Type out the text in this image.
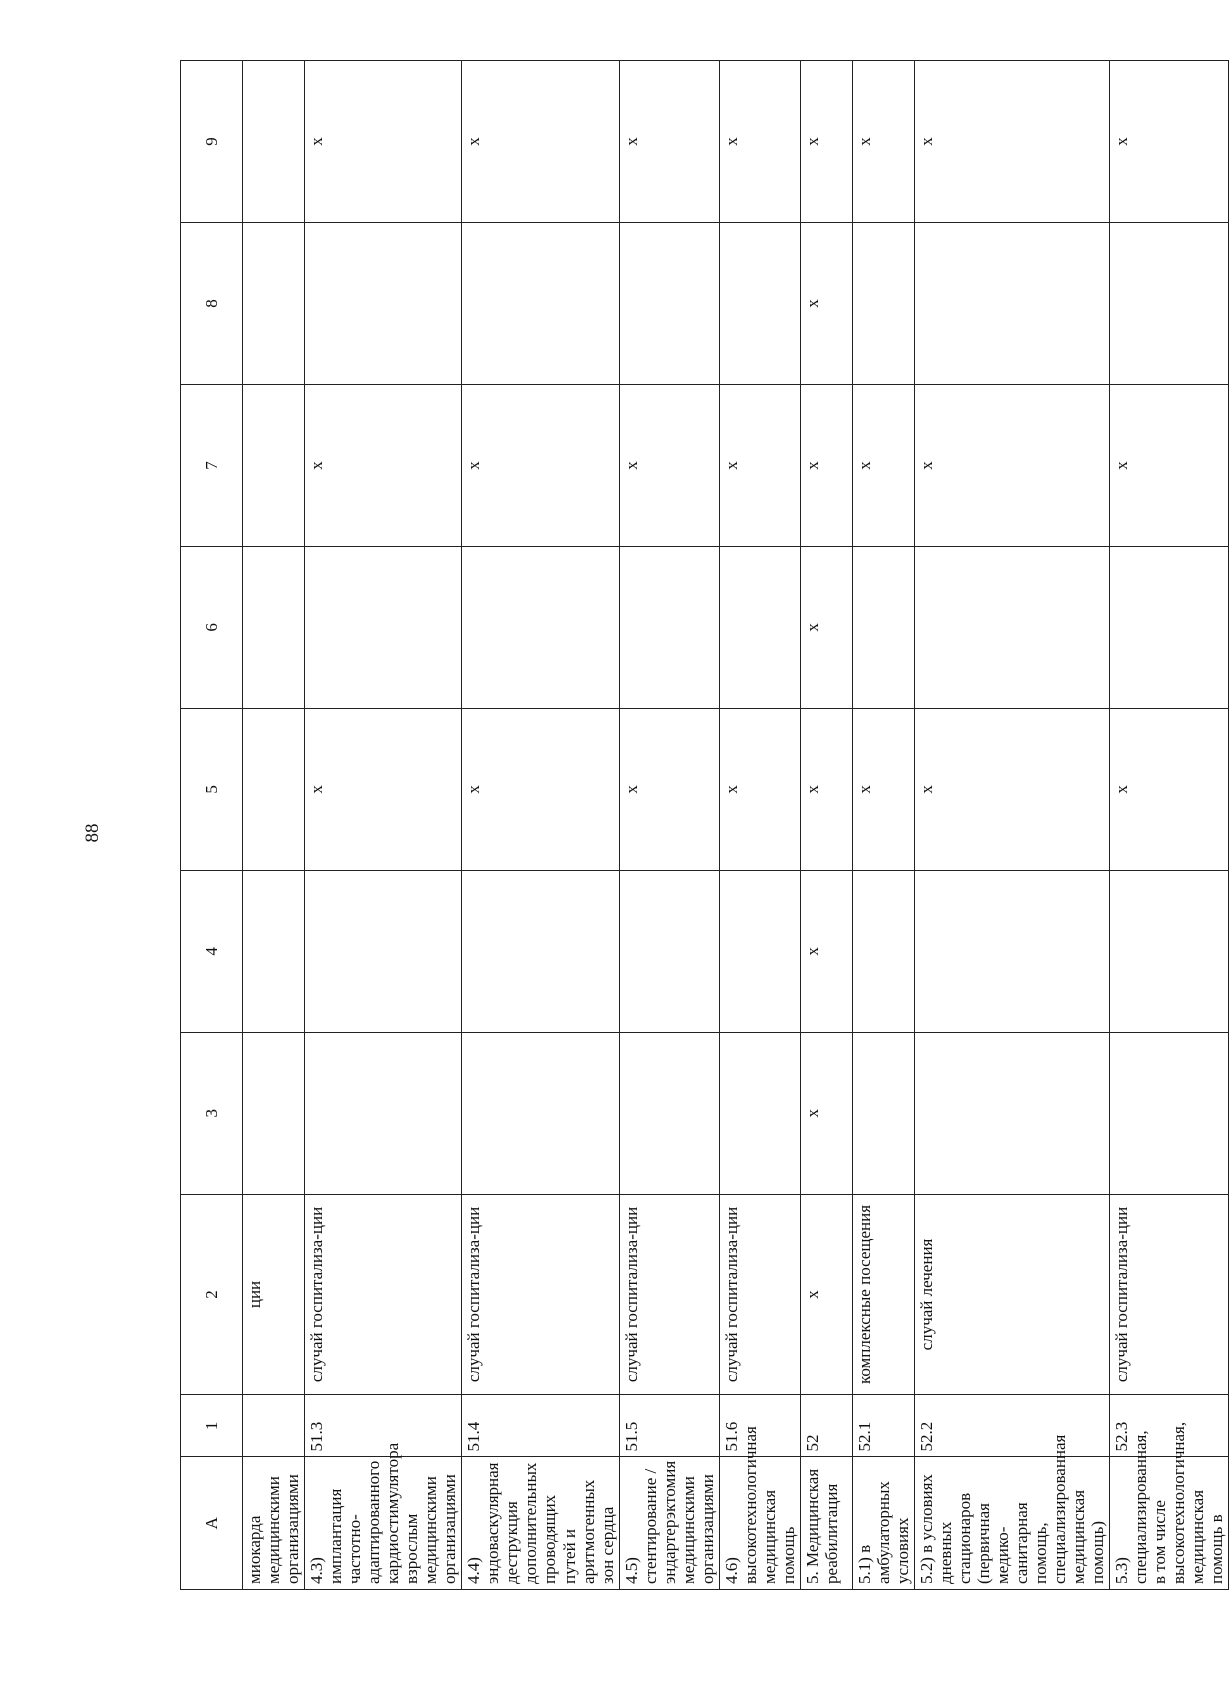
88
А	1	2	3	4	5	6	7	8	9
миокарда медицинскими организациями		ции							
4.3) имплантация частотно-адаптированного кардиостимулятора взрослым медицинскими организациями	51.3	случай госпитализа-ции			х		х		х
4.4) эндоваскулярная деструкция дополнительных проводящих путей и аритмогенных зон сердца	51.4	случай госпитализа-ции			х		х		х
4.5) стентирование / эндартерэктомия медицинскими организациями	51.5	случай госпитализа-ции			х		х		х
4.6) высокотехнологичная медицинская помощь	51.6	случай госпитализа-ции			х		х		х
5. Медицинская реабилитация	52	х	х	х	х	х	х	х	х
5.1) в амбулаторных условиях	52.1	комплексные посещения			х		х		х
5.2) в условиях дневных стационаров (первичная медико-санитарная помощь, специализированная медицинская помощь)	52.2	случай лечения			х		х		х
5.3) специализированная, в том числе высокотехнологичная, медицинская помощь в	52.3	случай госпитализа-ции			х		х		х
